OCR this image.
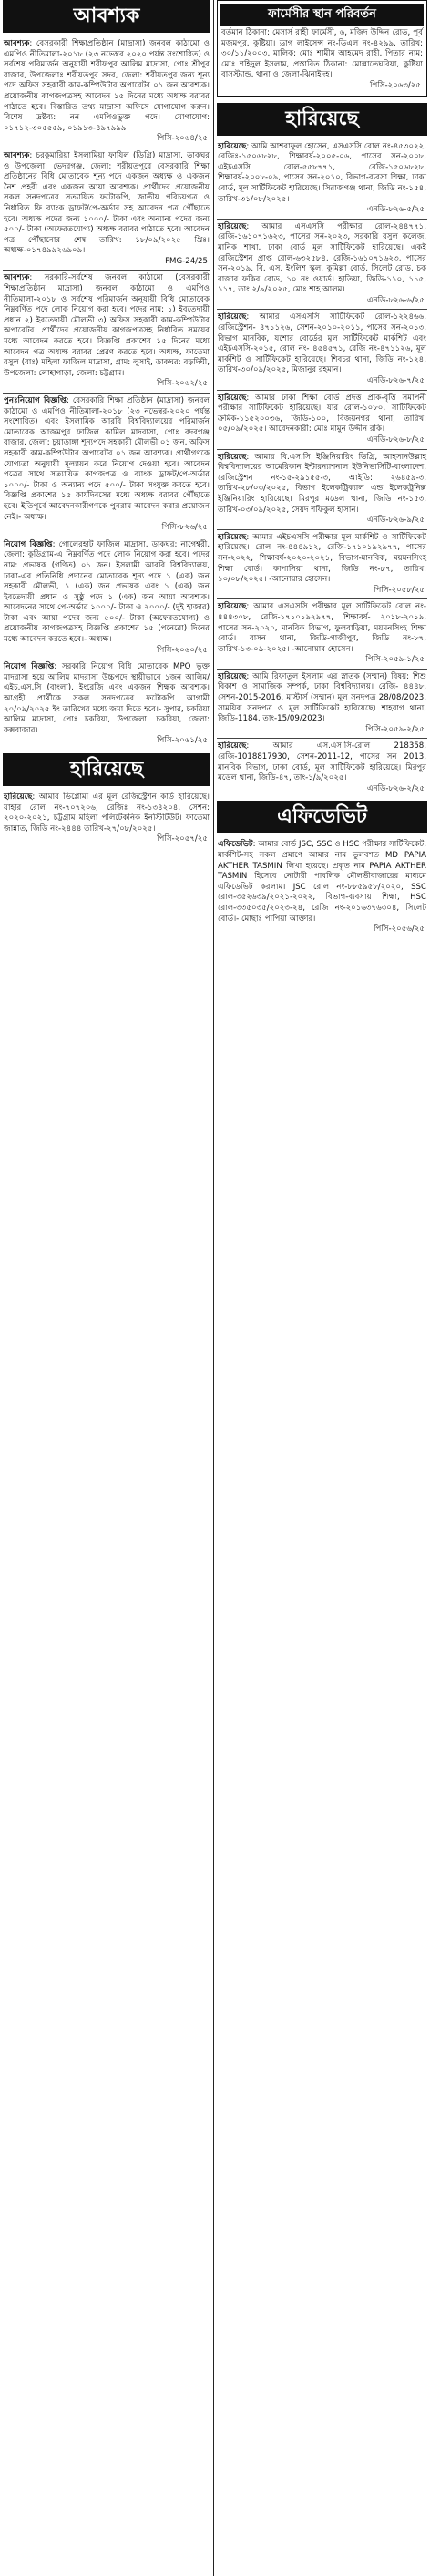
আবশ্যক
আবশ্যক: বেসরকারী শিক্ষাপ্রতিষ্ঠান (মাদ্রাসা) জনবল কাঠামো ও এমপিও নীতিমালা-২০১৮ (২৩ নভেম্বর ২০২০ পর্যন্ত সংশোধিত) ও সর্বশেষ পরিমার্জন অনুযায়ী শরীফপুর আলিম মাদ্রাসা, পোঃ শ্রীপুর বাজার, উপজেলাঃ শরীয়তপুর সদর, জেলা: শরীয়তপুর জন্য শূন্য পদে অফিস সহকারী কাম-কম্পিউটার অপারেটর ০১ জন আবশ্যক। প্রয়োজনীয় কাগজপত্রসহ আবেদন ১৫ দিনের মধ্যে অধ্যক্ষ বরাবর পাঠাতে হবে। বিস্তারিত তথ্য মাদ্রাসা অফিসে যোগাযোগ করুন। বিশেষ দ্রষ্টব্য: নন এমপিওভুক্ত পদে। যোগাযোগ: ০১৭১২-৩০৫৫৫৯, ০১৯১৩-৪৯৭৯৯৯।
পিসি-২০৬৪/২৫
আবশ্যক: চরকুমারিয়া ইসলামিয়া ফাযিল (ডিগ্রি) মাদ্রাসা, ডাকঘর ও উপজেলা: ভেদরগঞ্জ, জেলা: শরীয়তপুরে বেসরকারি শিক্ষা প্রতিষ্ঠানের বিধি মোতাবেক শূন্য পদে একজন অধ্যক্ষ ও একজন নৈশ প্রহরী এবং একজন আয়া আবশ্যক। প্রার্থীদের প্রয়োজনীয় সকল সনদপত্রের সত্যায়িত ফটোকপি, জাতীয় পরিচয়পত্র ও নির্ধারিত ফি ব্যাংক ড্রাফট/পে-অর্ডার সহ আবেদন পত্র পৌঁছাতে হবে। অধ্যক্ষ পদের জন্য ১০০০/- টাকা এবং অন্যান্য পদের জন্য ৫০০/- টাকা (অফেরতযোগ্য) অধ্যক্ষ বরাবর পাঠাতে হবে। আবেদন পত্র পৌঁছানোর শেষ তারিখ: ১৮/০৯/২০২৫ খ্রিঃ। অধ্যক্ষ-০১৭৪৯৯২৬৯০৯।
FMG-24/25
আবশ্যক: সরকারি-সর্বশেষ জনবল কাঠামো (বেসরকারী শিক্ষাপ্রতিষ্ঠান মাদ্রাসা) জনবল কাঠামো ও এমপিও নীতিমালা-২০১৮ ও সর্বশেষ পরিমার্জন অনুযায়ী বিধি মোতাবেক নিম্নবর্ণিত পদে লোক নিয়োগ করা হবে। পদের নাম: ১) ইবতেদায়ী প্রধান ২) ইবতেদায়ী মৌলভী ৩) অফিস সহকারী কাম-কম্পিউটার অপারেটর। প্রার্থীদের প্রয়োজনীয় কাগজপত্রসহ নির্ধারিত সময়ের মধ্যে আবেদন করতে হবে। বিজ্ঞপ্তি প্রকাশের ১৫ দিনের মধ্যে আবেদন পত্র অধ্যক্ষ বরাবর প্রেরণ করতে হবে। অধ্যক্ষ, ফাতেমা রসুল (রাঃ) মহিলা ফাজিল মাদ্রাসা, গ্রাম: লুসাই, ডাকঘর: বড়দিঘী, উপজেলা: লোহাগাড়া, জেলা: চট্টগ্রাম।
পিসি-২০৬২/২৫
পুনঃনিয়োগ বিজ্ঞপ্তি: বেসরকারি শিক্ষা প্রতিষ্ঠান (মাদ্রাসা) জনবল কাঠামো ও এমপিও নীতিমালা-২০১৮ (২৩ নভেম্বর-২০২০ পর্যন্ত সংশোধিত) এবং ইসলামিক আরবি বিশ্ববিদ্যালয়ের পরিমার্জন মোতাবেক আজমপুর ফাজিল কামিল মাদরাসা, পোঃ বদরগঞ্জ বাজার, জেলা: চুয়াডাঙ্গা শূন্যপদে সহকারী মৌলভী ০১ জন, অফিস সহকারী কাম-কম্পিউটার অপারেটর ০১ জন আবশ্যক। প্রার্থীগণকে যোগ্যতা অনুযায়ী মূল্যায়ন করে নিয়োগ দেওয়া হবে। আবেদন পত্রের সাথে সত্যায়িত কাগজপত্র ও ব্যাংক ড্রাফট/পে-অর্ডার ১০০০/- টাকা ও অন্যান্য পদে ৫০০/- টাকা সংযুক্ত করতে হবে। বিজ্ঞপ্তি প্রকাশের ১৫ কার্যদিবসের মধ্যে অধ্যক্ষ বরাবর পৌঁছাতে হবে। ইতিপূর্বে আবেদনকারীগণকে পুনরায় আবেদন করার প্রয়োজন নেই।- অধ্যক্ষ।
পিসি-৮২৬/২৫
নিয়োগ বিজ্ঞপ্তি: গোলেরহাট ফাজিল মাদ্রাসা, ডাকঘর: নাগেশ্বরী, জেলা: কুড়িগ্রাম-এ নিম্নবর্ণিত পদে লোক নিয়োগ করা হবে। পদের নাম: প্রভাষক (গণিত) ০১ জন। ইসলামী আরবি বিশ্ববিদ্যালয়, ঢাকা-এর প্রতিনিধি প্রদানের মোতাবেক শূন্য পদে ১ (এক) জন সহকারী মৌলভী, ১ (এক) জন প্রভাষক এবং ১ (এক) জন ইবতেদায়ী প্রধান ও সুষ্ঠু পদে ১ (এক) জন আয়া আবশ্যক। আবেদনের সাথে পে-অর্ডার ১০০০/- টাকা ও ২০০০/- (দুই হাজার) টাকা এবং আয়া পদের জন্য ৫০০/- টাকা (অফেরতযোগ্য) ও প্রয়োজনীয় কাগজপত্রসহ বিজ্ঞপ্তি প্রকাশের ১৫ (পনেরো) দিনের মধ্যে আবেদন করতে হবে।- অধ্যক্ষ।
পিসি-২০৬০/২৫
নিয়োগ বিজ্ঞপ্তি: সরকারি নিয়োগ বিধি মোতাবেক MPO ভুক্ত মাদরাসা হয়ে আলিম মাদরাসা উচ্চপদে স্থায়ীভাবে ১জন আলিম/ এইচ.এস.সি (বাংলা), ইংরেজি এবং একজন শিক্ষক আবশ্যক। আগ্রহী প্রার্থীকে সকল সনদপত্রের ফটোকপি আগামী ২০/০৯/২০২৫ ইং তারিখের মধ্যে জমা দিতে হবে।- সুপার, চকরিয়া আলিম মাদ্রাসা, পোঃ চকরিয়া, উপজেলা: চকরিয়া, জেলা: কক্সবাজার।
পিসি-২০৬১/২৫
হারিয়েছে
হারিয়েছে: আমার ডিপ্লোমা এর মূল রেজিস্ট্রেশন কার্ড হারিয়েছে। যাহার রোল নং-৭০৭২০৬, রেজিঃ নং-১৩৪২০৪, সেশন: ২০২০-২০২১, চট্টগ্রাম মহিলা পলিটেকনিক ইনস্টিটিউট। ফাতেমা জান্নাত, জিডি নং-২৪৪৪ তারিখ-২৭/০৮/২০২৫।
পিসি-২০৫৭/২৫
ফার্মেসীর স্থান পরিবর্তন
বর্তমান ঠিকানা: মেসার্স রাহী ফার্মেসী, ৬, মজিদ উদ্দিন রোড, পূর্ব মজমপুর, কুষ্টিয়া। ড্রাগ লাইসেন্স নং-ডিএল নং-৪২৯৯, তারিখ: ৩০/১১/২০০৩, মালিক: মোঃ শামীম আহমেদ রাহী, পিতার নাম: মোঃ শহিদুল ইসলাম, প্রস্তাবিত ঠিকানা: মোল্লাতেঘরিয়া, কুষ্টিয়া বাসস্ট্যান্ড, থানা ও জেলা-ঝিনাইদহ।
পিসি-২০৬৩/২৫
হারিয়েছে
হারিয়েছে: আমি আশরাফুল হোসেন, এসএসসি রোল নং-৪৫৩০২২, রেজিঃ-১৫০৬৮২৮, শিক্ষাবর্ষ-২০০৫-০৬, পাসের সন-২০০৮, এইচএসসি রোল-৫৫৮৭৭১, রেজি-১৫০৬৮২৮, শিক্ষাবর্ষ-২০০৮-০৯, পাসের সন-২০১০, বিভাগ-ব্যবসা শিক্ষা, ঢাকা বোর্ড, মূল সার্টিফিকেট হারিয়েছে। সিরাজগঞ্জ থানা, জিডি নং-১৫৪, তারিখ-৩১/০৮/২০২৫।
এনডি-৮২৬-৫/২৫
হারিয়েছে: আমার এসএসসি পরীক্ষার রোল-২৪৪৭৭১, রেজি-১৬১০৭১৬২৩, পাসের সন-২০২৩, সরকারি রসুল কলেজ, মানিক শাখা, ঢাকা বোর্ড মূল সার্টিফিকেট হারিয়েছে। একই রেজিস্ট্রেশন প্রাপ্ত রোল-৬৩২৫৮৪, রেজি-১৬১০৭১৬২৩, পাসের সন-২০১৯, বি. এস. ইংলিশ স্কুল, কুমিল্লা বোর্ড, সিলেট রোড, চক বাজার ফকির রোড, ১০ নং ওয়ার্ড। হাতিয়া, জিডি-১১০, ১১৫, ১১৭, তাং ২/৯/২০২৫, মোঃ শাহ আলম।
এনডি-৮২৬-৬/২৫
হারিয়েছে: আমার এসএসসি সার্টিফিকেট রোল-১২২৪৬৬, রেজিস্ট্রেশন- ৪৭১১২৬, সেশন-২০১০-২০১১, পাসের সন-২০১৩, বিভাগ মানবিক, যশোর বোর্ডের মূল সার্টিফিকেট মার্কশিট এবং এইচএসসি-২০১৫, রোল নং- ৪৫৪৫৭১, রেজি নং-৪৭১১২৬, মূল মার্কশিট ও সার্টিফিকেট হারিয়েছে। শিবচর থানা, জিডি নং-১২৪, তারিখ-৩০/০৯/২০২৫, মিজানুর রহমান।
এনডি-৮২৬-৭/২৫
হারিয়েছে: আমার ঢাকা শিক্ষা বোর্ড প্রদত্ত প্রাক-বৃত্তি সমাপনী পরীক্ষার সার্টিফিকেট হারিয়েছে। যার রোল-১০৮০, সার্টিফিকেট ক্রমিক-১১৫২০০৩৬, জিডি-১০০, বিজয়নগর থানা, তারিখ: ০৫/০৯/২০২৫। আবেদনকারী: মোঃ মামুন উদ্দীন রকি।
এনডি-৮২৬-৮/২৫
হারিয়েছে: আমার বি.এস.সি ইঞ্জিনিয়ারিং ডিগ্রি, আহসানউল্লাহ বিশ্ববিদ্যালয়ের আমেরিকান ইন্টারন্যাশনাল ইউনিভার্সিটি-বাংলাদেশ, রেজিস্ট্রেশন নং-১৫-২৯১৫৫-৩, আইডি: ২৬৪৫৯-৩, তারিখ-২৮/০৩/২০২৫, বিভাগ ইলেকট্রিক্যাল এন্ড ইলেকট্রনিক্স ইঞ্জিনিয়ারিং হারিয়েছে। মিরপুর মডেল থানা, জিডি নং-১৫৩, তারিখ-০৩/০৯/২০২৫, সৈয়দ শফিকুল হাসান।
এনডি-৮২৬-৯/২৫
হারিয়েছে: আমার এইচএসসি পরীক্ষার মূল মার্কশিট ও সার্টিফিকেট হারিয়েছে। রোল নং-৪৪৪৯১২, রেজি-১৭১০১৯২৯৭৭, পাসের সন-২০২২, শিক্ষাবর্ষ-২০২০-২০২১, বিভাগ-মানবিক, ময়মনসিংহ শিক্ষা বোর্ড। কাপাসিয়া থানা, জিডি নং-৮৭, তারিখ: ১০/০৮/২০২৫। -আনোয়ার হোসেন।
পিসি-২০৫৮/২৫
হারিয়েছে: আমার এসএসসি পরীক্ষার মূল সার্টিফিকেট রোল নং- ৪৪৪৩০৮, রেজি-১৭১০১৯২৯৭৭, শিক্ষাবর্ষ- ২০১৮-২০১৯, পাসের সন-২০২০, মানবিক বিভাগ, ফুলবাড়িয়া, ময়মনসিংহ শিক্ষা বোর্ড। বাসন থানা, জিডি-গাজীপুর, জিডি নং-৮৭, তারিখ-১৩-০৯-২০২৫। -আনোয়ার হোসেন।
পিসি-২০৫৯-১/২৫
হারিয়েছে: আমি রিফাতুল ইসলাম এর স্নাতক (সম্মান) বিষয়: শিশু বিকাশ ও সামাজিক সম্পর্ক, ঢাকা বিশ্ববিদ্যালয়। রেজি- ৪৪৪৮, সেশন-2015-2016, মাস্টার্স (সম্মান) মূল সনদপত্র 28/08/2023, সাময়িক সনদপত্র ও মূল সার্টিফিকেট হারিয়েছে। শাহবাগ থানা, জিডি-1184, তাং-15/09/2023।
পিসি-২০৫৯-২/২৫
হারিয়েছে: আমার এস.এস.সি-রোল 218358, রেজি-1018817930, সেশন-2011-12, পাসের সন 2013, মানবিক বিভাগ, ঢাকা বোর্ড, মূল সার্টিফিকেট হারিয়েছে। মিরপুর মডেল থানা, জিডি-৪৭, তাং-১/৯/২০২৫।
এনডি-৮২৬-২/২৫
এফিডেভিট
এফিডেভিট: আমার বোর্ড JSC, SSC ও HSC পরীক্ষার সার্টিফিকেট, মার্কশিট-সহ সকল প্রমাণে আমার নাম ভুলবশত MD PAPIA AKTHER TASMIN লিখা হয়েছে। প্রকৃত নাম PAPIA AKTHER TASMIN হিসেবে নোটারী পাবলিক মৌলভীবাজারের মাধ্যমে এফিডেভিট করলাম। JSC রোল নং-৮৮৫৯৫৮/২০২০, SSC রোল-৩৫২৬৩৯/২০২১-২০২২, বিভাগ-ব্যবসায় শিক্ষা, HSC রোল-৩৩৫০৩৫/২০২৩-২৪, রেজি নং-২০১৬৩৭৬৩০৪, সিলেট বোর্ড।- মোছাঃ পাপিয়া আক্তার।
পিসি-২০৫৬/২৫
